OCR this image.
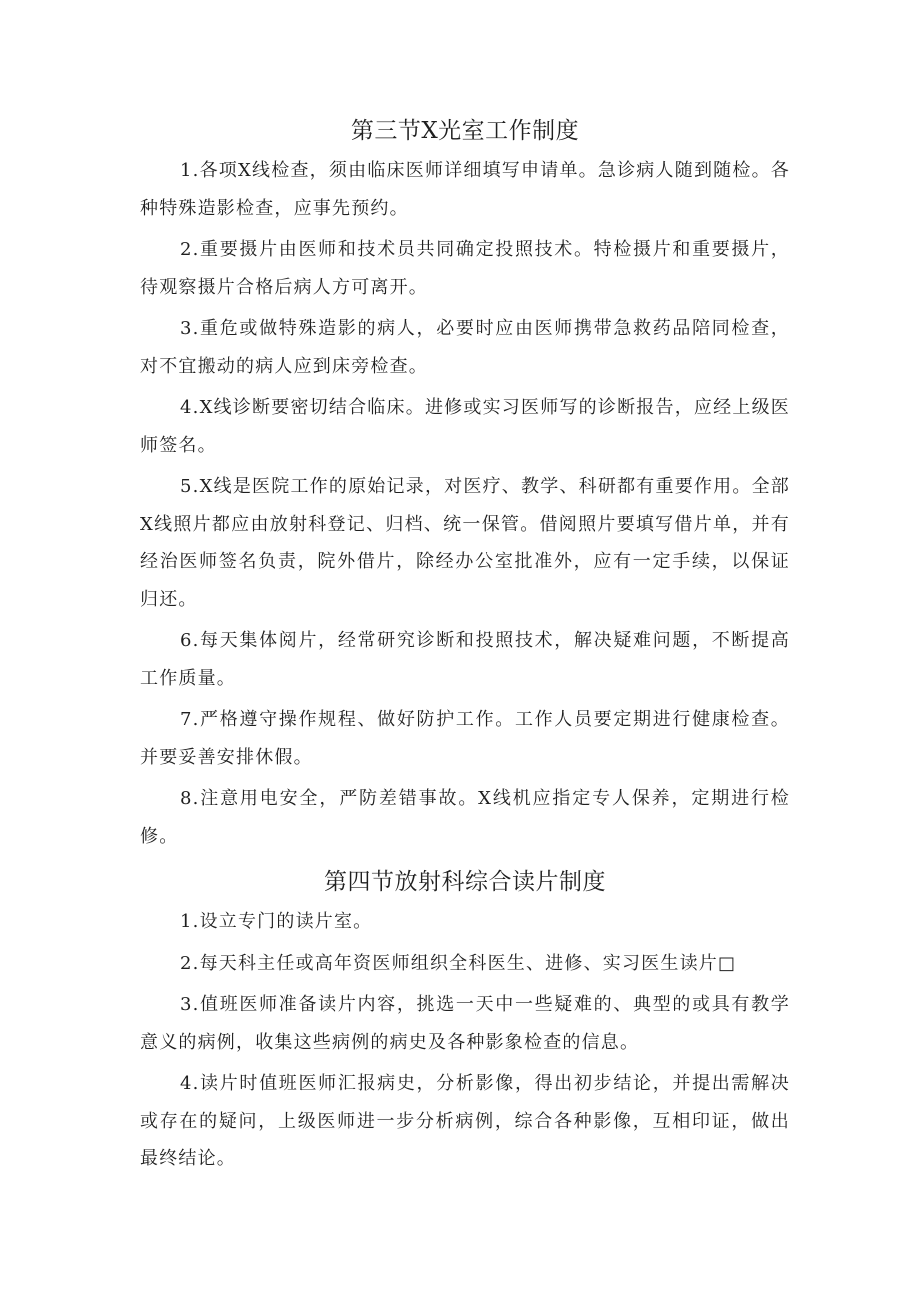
第三节X光室工作制度

1.各项X线检查，须由临床医师详细填写申请单。急诊病人随到随检。各种特殊造影检查，应事先预约。

2.重要摄片由医师和技术员共同确定投照技术。特检摄片和重要摄片，待观察摄片合格后病人方可离开。

3.重危或做特殊造影的病人，必要时应由医师携带急救药品陪同检查，对不宜搬动的病人应到床旁检查。

4.X线诊断要密切结合临床。进修或实习医师写的诊断报告，应经上级医师签名。

5.X线是医院工作的原始记录，对医疗、教学、科研都有重要作用。全部X线照片都应由放射科登记、归档、统一保管。借阅照片要填写借片单，并有经治医师签名负责，院外借片，除经办公室批准外，应有一定手续，以保证归还。

6.每天集体阅片，经常研究诊断和投照技术，解决疑难问题，不断提高工作质量。

7.严格遵守操作规程、做好防护工作。工作人员要定期进行健康检查。并要妥善安排休假。

8.注意用电安全，严防差错事故。X线机应指定专人保养，定期进行检修。

第四节放射科综合读片制度

1.设立专门的读片室。

2.每天科主任或高年资医师组织全科医生、进修、实习医生读片□

3.值班医师准备读片内容，挑选一天中一些疑难的、典型的或具有教学意义的病例，收集这些病例的病史及各种影象检查的信息。

4.读片时值班医师汇报病史，分析影像，得出初步结论，并提出需解决或存在的疑问，上级医师进一步分析病例，综合各种影像，互相印证，做出最终结论。
